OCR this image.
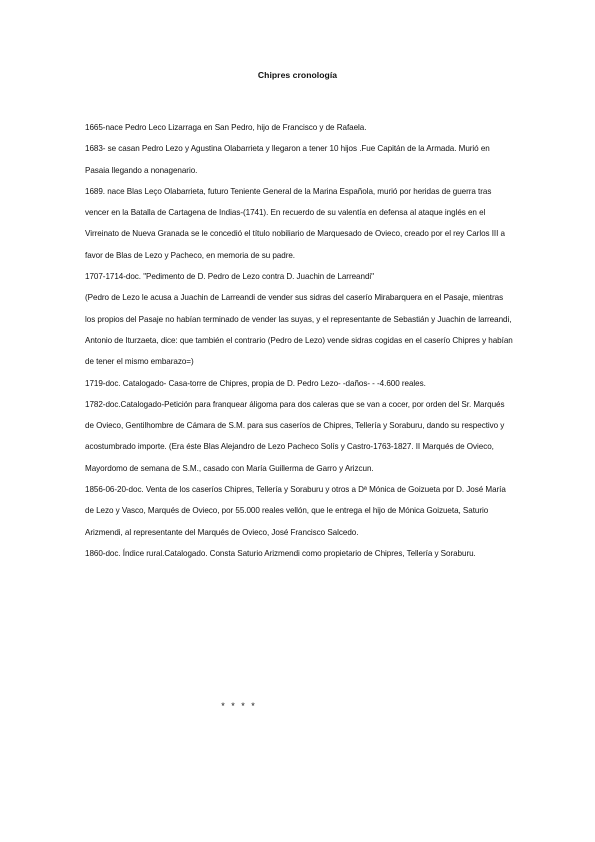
Chipres cronología

1665-nace Pedro Leco Lizarraga en San Pedro, hijo de Francisco y de Rafaela.

1683- se casan Pedro Lezo y Agustina Olabarrieta y llegaron a tener 10 hijos .Fue Capitán de la Armada. Murió en Pasaia llegando a nonagenario.

1689. nace Blas Leço Olabarrieta, futuro Teniente General de la Marina Española, murió por heridas de guerra tras vencer en la Batalla de Cartagena de Indias-(1741). En recuerdo de su valentía en defensa al ataque inglés en el Virreinato de Nueva Granada se le concedió el título nobiliario de Marquesado de Ovieco, creado por el rey Carlos III a favor de Blas de Lezo y Pacheco, en memoria de su padre.

1707-1714-doc. "Pedimento de D. Pedro de Lezo contra D. Juachin de Larreandi"

(Pedro de Lezo le acusa a Juachin de Larreandi de vender sus sidras del caserío Mirabarquera en el Pasaje, mientras los propios del Pasaje no habían terminado de vender las suyas, y el representante de Sebastián y Juachin de larreandi, Antonio de Iturzaeta, dice: que también el contrario (Pedro de Lezo) vende sidras cogidas en el caserío Chipres y habían de tener el mismo embarazo=)

1719-doc. Catalogado- Casa-torre de Chipres, propia de D. Pedro Lezo- -daños- - -4.600 reales.

1782-doc.Catalogado-Petición para franquear áligoma para dos caleras que se van a cocer, por orden del Sr. Marqués de Ovieco, Gentilhombre de Cámara de S.M. para sus caseríos de Chipres, Tellería y Soraburu, dando su respectivo y acostumbrado importe. (Era éste Blas Alejandro de Lezo Pacheco Solís y Castro-1763-1827. II Marqués de Ovieco, Mayordomo de semana de S.M., casado con María Guillerma de Garro y Arizcun.

1856-06-20-doc. Venta de los caseríos Chipres, Tellería y Soraburu y otros a Dª Mónica de Goizueta por D. José María de Lezo y Vasco, Marqués de Ovieco, por 55.000 reales vellón, que le entrega el hijo de Mónica Goizueta, Saturio Arizmendi, al representante del Marqués de Ovieco, José Francisco Salcedo.

1860-doc. Índice rural.Catalogado. Consta Saturio Arizmendi como propietario de Chipres, Tellería y Soraburu.

* * * *
